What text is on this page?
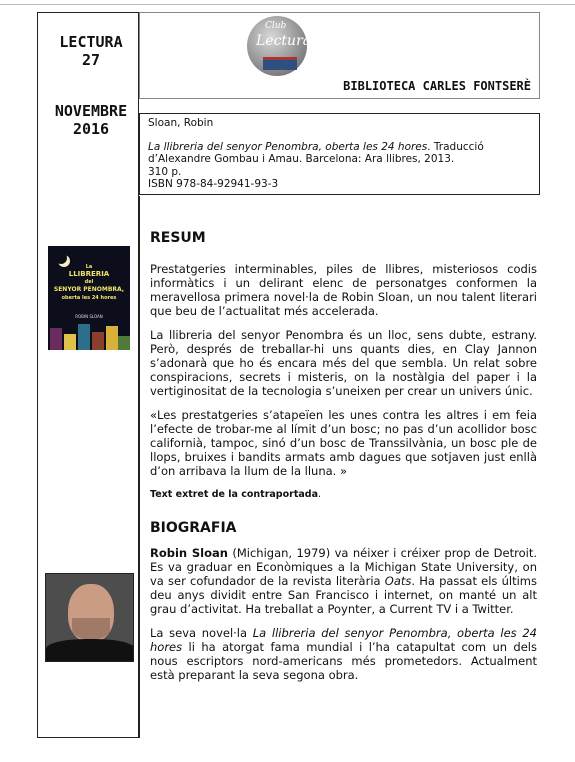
LECTURA
27
NOVEMBRE
2016
Club
Lectura
BIBLIOTECA CARLES FONTSERÈ

Sloan, Robin

La llibreria del senyor Penombra, oberta les 24 hores. Traducció d’Alexandre Gombau i Amau. Barcelona: Ara llibres, 2013.

310 p.

ISBN 978-84-92941-93-3

La
LLIBRERIA
del
SENYOR PENOMBRA,
oberta les 24 hores
ROBIN SLOAN
RESUM

Prestatgeries interminables, piles de llibres, misteriosos codis informàtics i un delirant elenc de personatges conformen la meravellosa primera novel·la de Robin Sloan, un nou talent literari que beu de l’actualitat més accelerada.

La llibreria del senyor Penombra és un lloc, sens dubte, estrany. Però, després de treballar-hi uns quants dies, en Clay Jannon s’adonarà que ho és encara més del que sembla. Un relat sobre conspiracions, secrets i misteris, on la nostàlgia del paper i la vertiginositat de la tecnologia s’uneixen per crear un univers únic.

«Les prestatgeries s’atapeïen les unes contra les altres i em feia l’efecte de trobar-me al límit d’un bosc; no pas d’un acollidor bosc californià, tampoc, sinó d’un bosc de Transsilvània, un bosc ple de llops, bruixes i bandits armats amb dagues que sotjaven just enllà d’on arribava la llum de la lluna. »

Text extret de la contraportada.

BIOGRAFIA

Robin Sloan (Michigan, 1979) va néixer i créixer prop de Detroit. Es va graduar en Econòmiques a la Michigan State University, on va ser cofundador de la revista literària Oats. Ha passat els últims deu anys dividit entre San Francisco i internet, on manté un alt grau d’activitat. Ha treballat a Poynter, a Current TV i a Twitter.

La seva novel·la La llibreria del senyor Penombra, oberta les 24 hores li ha atorgat fama mundial i l’ha catapultat com un dels nous escriptors nord-americans més prometedors. Actualment està preparant la seva segona obra.
